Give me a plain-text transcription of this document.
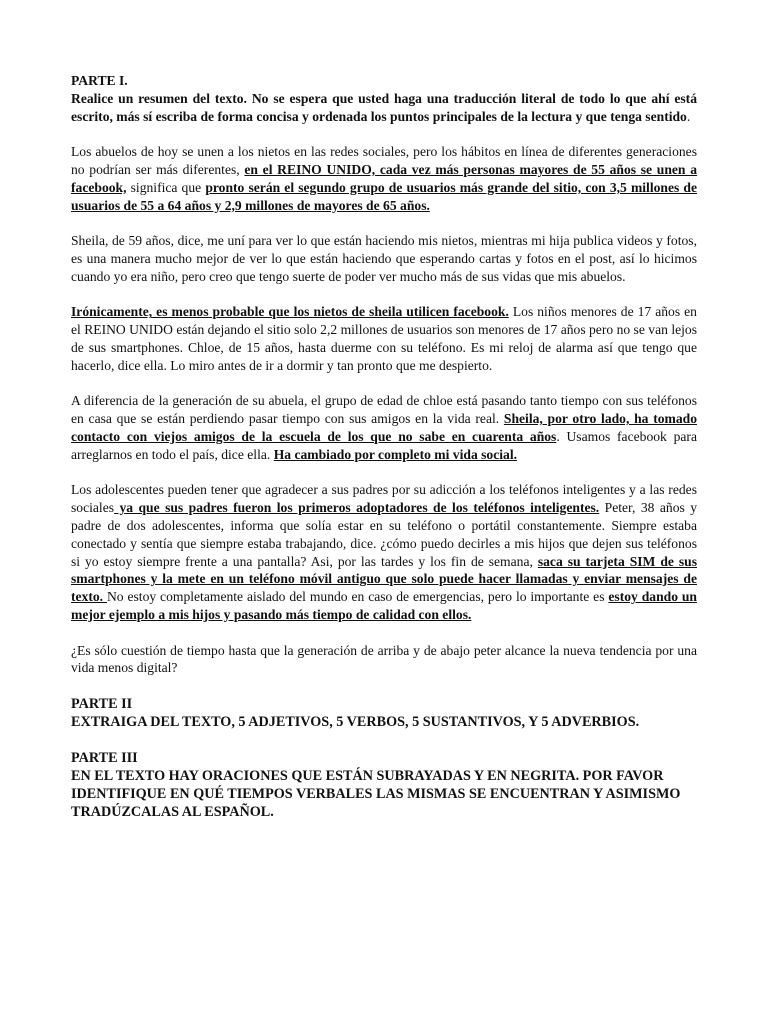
PARTE I.

Realice un resumen del texto. No se espera que usted haga una traducción literal de todo lo que ahí está escrito, más sí escriba de forma concisa y ordenada los puntos principales de la lectura y que tenga sentido.

Los abuelos de hoy se unen a los nietos en las redes sociales, pero los hábitos en línea de diferentes generaciones no podrían ser más diferentes, en el REINO UNIDO, cada vez más personas mayores de 55 años se unen a facebook, significa que pronto serán el segundo grupo de usuarios más grande del sitio, con 3,5 millones de usuarios de 55 a 64 años y 2,9 millones de mayores de 65 años.

Sheila, de 59 años, dice, me uní para ver lo que están haciendo mis nietos, mientras mi hija publica videos y fotos, es una manera mucho mejor de ver lo que están haciendo que esperando cartas y fotos en el post, así lo hicimos cuando yo era niño, pero creo que tengo suerte de poder ver mucho más de sus vidas que mis abuelos.

Irónicamente, es menos probable que los nietos de sheila utilicen facebook. Los niños menores de 17 años en el REINO UNIDO están dejando el sitio solo 2,2 millones de usuarios son menores de 17 años pero no se van lejos de sus smartphones. Chloe, de 15 años, hasta duerme con su teléfono. Es mi reloj de alarma así que tengo que hacerlo, dice ella. Lo miro antes de ir a dormir y tan pronto que me despierto.

A diferencia de la generación de su abuela, el grupo de edad de chloe está pasando tanto tiempo con sus teléfonos en casa que se están perdiendo pasar tiempo con sus amigos en la vida real. Sheila, por otro lado, ha tomado contacto con viejos amigos de la escuela de los que no sabe en cuarenta años. Usamos facebook para arreglarnos en todo el país, dice ella. Ha cambiado por completo mi vida social.

Los adolescentes pueden tener que agradecer a sus padres por su adicción a los teléfonos inteligentes y a las redes sociales ya que sus padres fueron los primeros adoptadores de los teléfonos inteligentes. Peter, 38 años y padre de dos adolescentes, informa que solía estar en su teléfono o portátil constantemente. Siempre estaba conectado y sentía que siempre estaba trabajando, dice. ¿cómo puedo decirles a mis hijos que dejen sus teléfonos si yo estoy siempre frente a una pantalla? Asi, por las tardes y los fin de semana, saca su tarjeta SIM de sus smartphones y la mete en un teléfono móvil antiguo que solo puede hacer llamadas y enviar mensajes de texto. No estoy completamente aislado del mundo en caso de emergencias, pero lo importante es estoy dando un mejor ejemplo a mis hijos y pasando más tiempo de calidad con ellos.

¿Es sólo cuestión de tiempo hasta que la generación de arriba y de abajo peter alcance la nueva tendencia por una vida menos digital?

PARTE II

EXTRAIGA DEL TEXTO, 5 ADJETIVOS, 5 VERBOS, 5 SUSTANTIVOS, Y 5 ADVERBIOS.

PARTE III

EN EL TEXTO HAY ORACIONES QUE ESTÁN SUBRAYADAS Y EN NEGRITA. POR FAVOR IDENTIFIQUE EN QUÉ TIEMPOS VERBALES LAS MISMAS SE ENCUENTRAN Y ASIMISMO TRADÚZCALAS AL ESPAÑOL.
